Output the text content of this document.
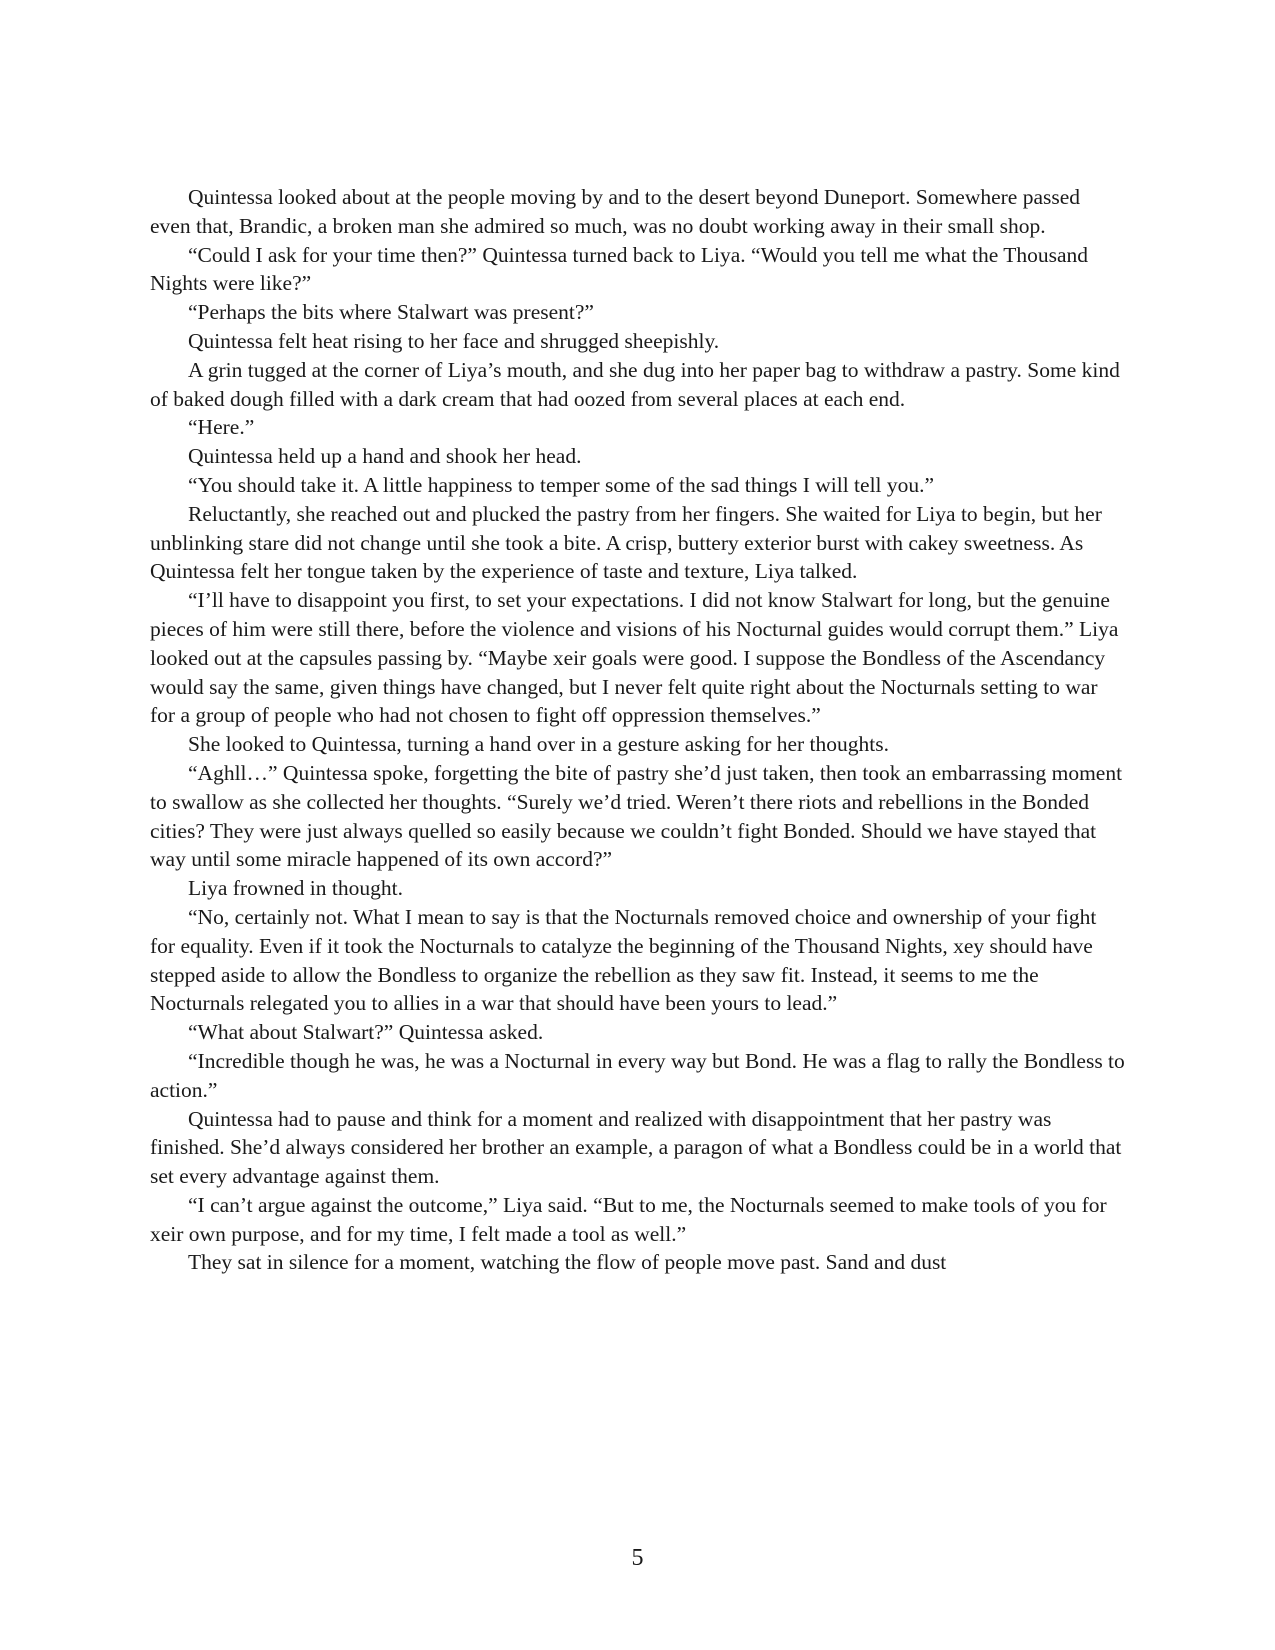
Quintessa looked about at the people moving by and to the desert beyond Duneport. Somewhere passed even that, Brandic, a broken man she admired so much, was no doubt working away in their small shop.

“Could I ask for your time then?” Quintessa turned back to Liya. “Would you tell me what the Thousand Nights were like?”

“Perhaps the bits where Stalwart was present?”

Quintessa felt heat rising to her face and shrugged sheepishly.

A grin tugged at the corner of Liya’s mouth, and she dug into her paper bag to withdraw a pastry. Some kind of baked dough filled with a dark cream that had oozed from several places at each end.

“Here.”

Quintessa held up a hand and shook her head.

“You should take it. A little happiness to temper some of the sad things I will tell you.”

Reluctantly, she reached out and plucked the pastry from her fingers. She waited for Liya to begin, but her unblinking stare did not change until she took a bite. A crisp, buttery exterior burst with cakey sweetness. As Quintessa felt her tongue taken by the experience of taste and texture, Liya talked.

“I’ll have to disappoint you first, to set your expectations. I did not know Stalwart for long, but the genuine pieces of him were still there, before the violence and visions of his Nocturnal guides would corrupt them.” Liya looked out at the capsules passing by. “Maybe xeir goals were good. I suppose the Bondless of the Ascendancy would say the same, given things have changed, but I never felt quite right about the Nocturnals setting to war for a group of people who had not chosen to fight off oppression themselves.”

She looked to Quintessa, turning a hand over in a gesture asking for her thoughts.

“Aghll…” Quintessa spoke, forgetting the bite of pastry she’d just taken, then took an embarrassing moment to swallow as she collected her thoughts. “Surely we’d tried. Weren’t there riots and rebellions in the Bonded cities? They were just always quelled so easily because we couldn’t fight Bonded. Should we have stayed that way until some miracle happened of its own accord?”

Liya frowned in thought.

“No, certainly not. What I mean to say is that the Nocturnals removed choice and ownership of your fight for equality. Even if it took the Nocturnals to catalyze the beginning of the Thousand Nights, xey should have stepped aside to allow the Bondless to organize the rebellion as they saw fit. Instead, it seems to me the Nocturnals relegated you to allies in a war that should have been yours to lead.”

“What about Stalwart?” Quintessa asked.

“Incredible though he was, he was a Nocturnal in every way but Bond. He was a flag to rally the Bondless to action.”

Quintessa had to pause and think for a moment and realized with disappointment that her pastry was finished. She’d always considered her brother an example, a paragon of what a Bondless could be in a world that set every advantage against them.

“I can’t argue against the outcome,” Liya said. “But to me, the Nocturnals seemed to make tools of you for xeir own purpose, and for my time, I felt made a tool as well.”

They sat in silence for a moment, watching the flow of people move past. Sand and dust

5
